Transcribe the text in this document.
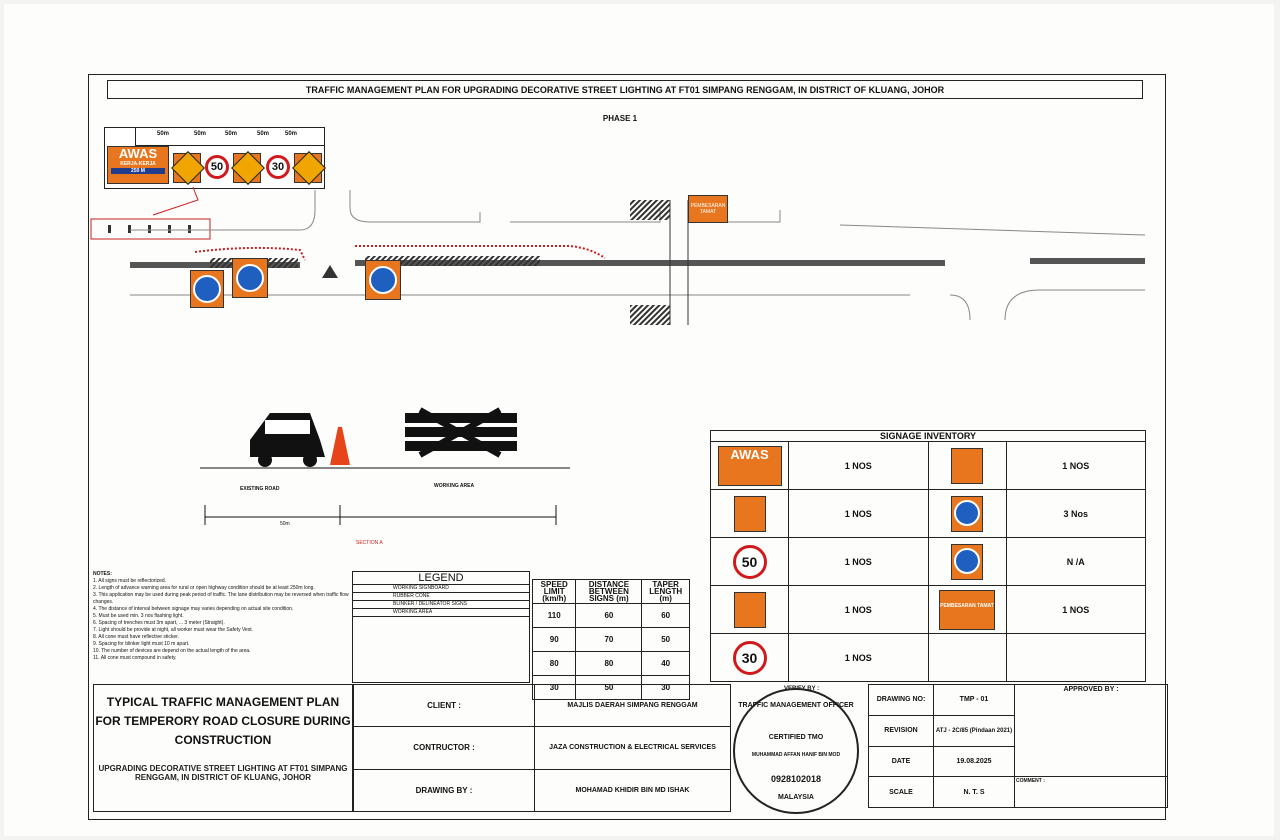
TRAFFIC MANAGEMENT PLAN FOR UPGRADING DECORATIVE STREET LIGHTING AT FT01 SIMPANG RENGGAM, IN DISTRICT OF KLUANG, JOHOR
PHASE 1
50m	50m	50m	50m	50m
AWAS
KERJA-KERJA
250 M	50	30
PEMBESARAN TAMAT
EXISTING ROAD	WORKING AREA
50m
SECTION A
NOTES:
1. All signs must be reflectorized.
2. Length of advance warning area for rural or open highway condition should be at least 250m long.
3. This application may be used during peak period of traffic. The lane distribution may be reversed when traffic flow changes.
4. The distance of interval between signage may varies depending on actual site condition.
5. Must be used min. 3 nos flashing light.
6. Spacing of trenches must 3m apart, ... 3 meter (Straight).
7. Light should be provide at night, all worker must wear the Safety Vest.
8. All cone must have reflective sticker.
9. Spacing for blinker light must 10 m apart.
10. The number of devices are depend on the actual length of the area.
11. All cone must compound in safety.
LEGEND
WORKING SIGNBOARD
RUBBER CONE
BLINKER / DELINEATOR SIGNS
WORKING AREA
SPEED LIMIT (km/h)	DISTANCE BETWEEN SIGNS (m)	TAPER LENGTH (m)
110	60	60
90	70	50
80	80	40
30	50	30
SIGNAGE INVENTORY
AWAS	1 NOS		1 NOS

	1 NOS		3 Nos

50	1 NOS		N /A

	1 NOS	PEMBESARAN TAMAT	1 NOS

30	1 NOS		
TYPICAL TRAFFIC MANAGEMENT PLAN FOR TEMPERORY ROAD CLOSURE DURING CONSTRUCTION
UPGRADING DECORATIVE STREET LIGHTING AT FT01 SIMPANG RENGGAM, IN DISTRICT OF KLUANG, JOHOR
CLIENT :	MAJLIS DAERAH SIMPANG RENGGAM
CONTRUCTOR :	JAZA CONSTRUCTION & ELECTRICAL SERVICES
DRAWING BY :	MOHAMAD KHIDIR BIN MD ISHAK
VERIFY BY :
DRAWING NO:	TMP - 01	APPROVED BY :
REVISION	ATJ - 2C/85 (Pindaan 2021)	
DATE	19.08.2025	
SCALE	N. T. S	COMMENT :
TRAFFIC MANAGEMENT OFFICER
CERTIFIED TMO
MUHAMMAD AFFAN HANIF BIN MOD
0928102018
MALAYSIA
